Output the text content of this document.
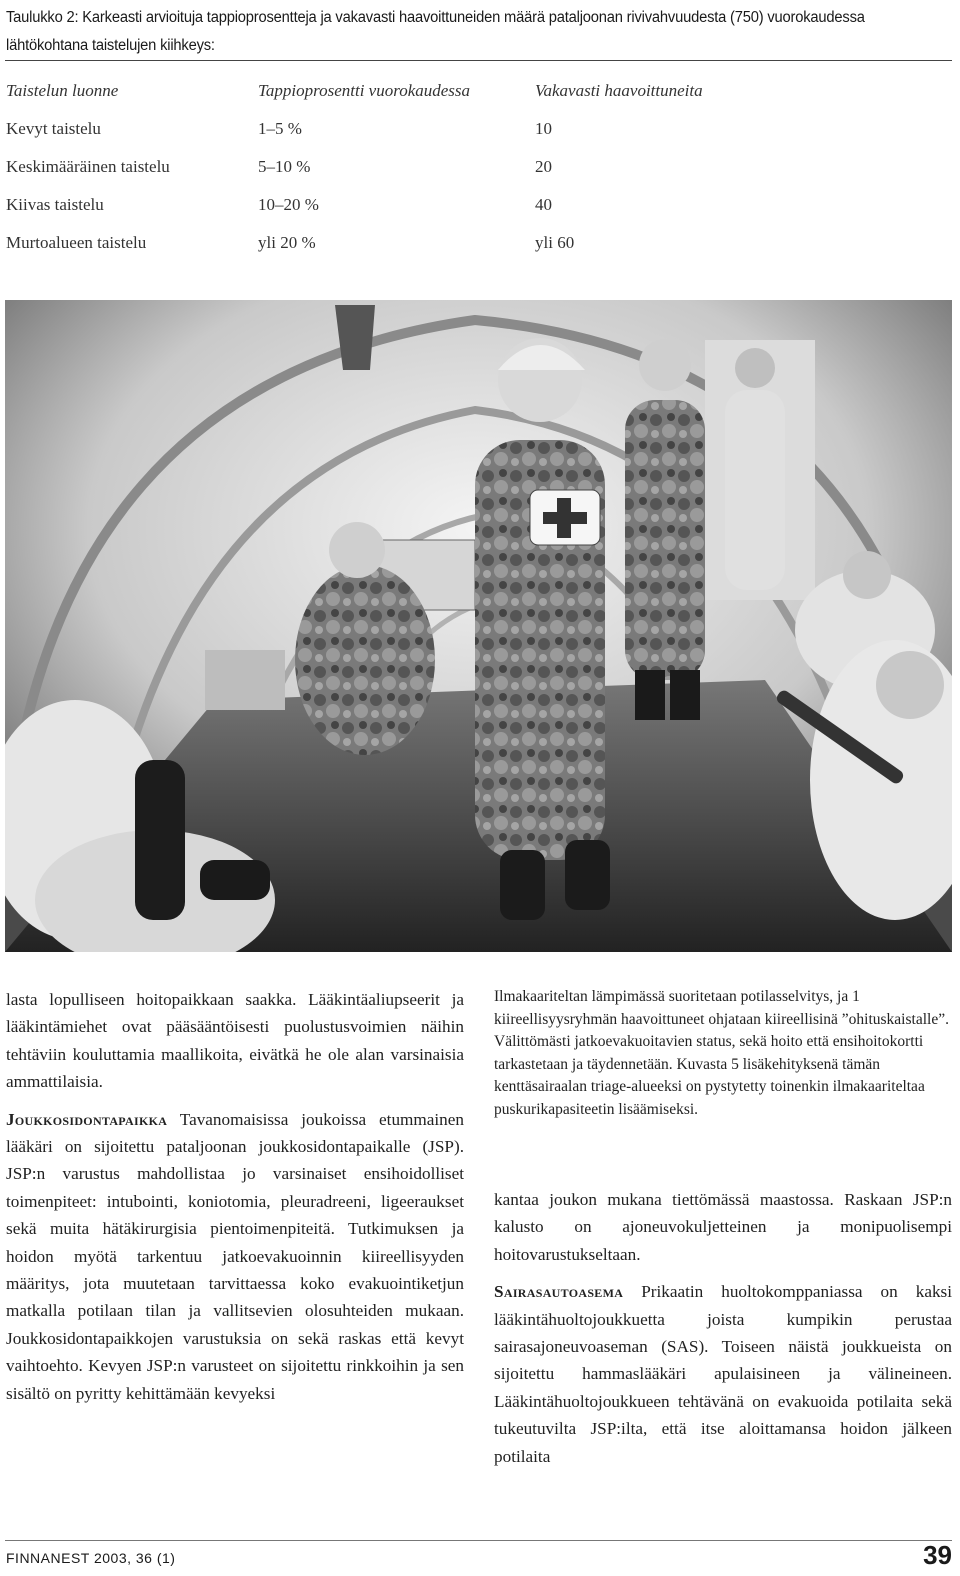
Taulukko 2: Karkeasti arvioituja tappioprosentteja ja vakavasti haavoittuneiden määrä pataljoonan rivivahvuudesta (750) vuorokaudessa lähtökohtana taistelujen kiihkeys:
Taistelun luonne	Tappioprosentti vuorokaudessa	Vakavasti haavoittuneita
Kevyt taistelu	1–5 %	10
Keskimääräinen taistelu	5–10 %	20
Kiivas taistelu	10–20 %	40
Murtoalueen taistelu	yli 20 %	yli 60

lasta lopulliseen hoitopaikkaan saakka. Lääkintäaliupseerit ja lääkintämiehet ovat pääsääntöisesti puolustusvoimien näihin tehtäviin kouluttamia maallikoita, eivätkä he ole alan varsinaisia ammattilaisia.

Joukkosidontapaikka Tavanomaisissa joukoissa etummainen lääkäri on sijoitettu pataljoonan joukkosidontapaikalle (JSP). JSP:n varustus mahdollistaa jo varsinaiset ensihoidolliset toimenpiteet: intubointi, koniotomia, pleuradreeni, ligeeraukset sekä muita hätäkirurgisia pientoimenpiteitä. Tutkimuksen ja hoidon myötä tarkentuu jatkoevakuoinnin kiireellisyyden määritys, jota muutetaan tarvittaessa koko evakuointiketjun matkalla potilaan tilan ja vallitsevien olosuhteiden mukaan. Joukkosidontapaikkojen varustuksia on sekä raskas että kevyt vaihtoehto. Kevyen JSP:n varusteet on sijoitettu rinkkoihin ja sen sisältö on pyritty kehittämään kevyeksi

Ilmakaariteltan lämpimässä suoritetaan potilasselvitys, ja 1 kiireellisyysryhmän haavoittuneet ohjataan kiireellisinä ”ohituskaistalle”. Välittömästi jatkoevakuoitavien status, sekä hoito että ensihoitokortti tarkastetaan ja täydennetään. Kuvasta 5 lisäkehityksenä tämän kenttäsairaalan triage-alueeksi on pystytetty toinenkin ilmakaariteltaa puskurikapasiteetin lisäämiseksi.

kantaa joukon mukana tiettömässä maastossa. Raskaan JSP:n kalusto on ajoneuvokuljetteinen ja monipuolisempi hoitovarustukseltaan.

Sairasautoasema Prikaatin huoltokomppaniassa on kaksi lääkintähuoltojoukkuetta joista kumpikin perustaa sairasajoneuvoaseman (SAS). Toiseen näistä joukkueista on sijoitettu hammaslääkäri apulaisineen ja välineineen. Lääkintähuoltojoukkueen tehtävänä on evakuoida potilaita sekä tukeutuvilta JSP:ilta, että itse aloittamansa hoidon jälkeen potilaita

FINNANEST 2003, 36 (1)	39
